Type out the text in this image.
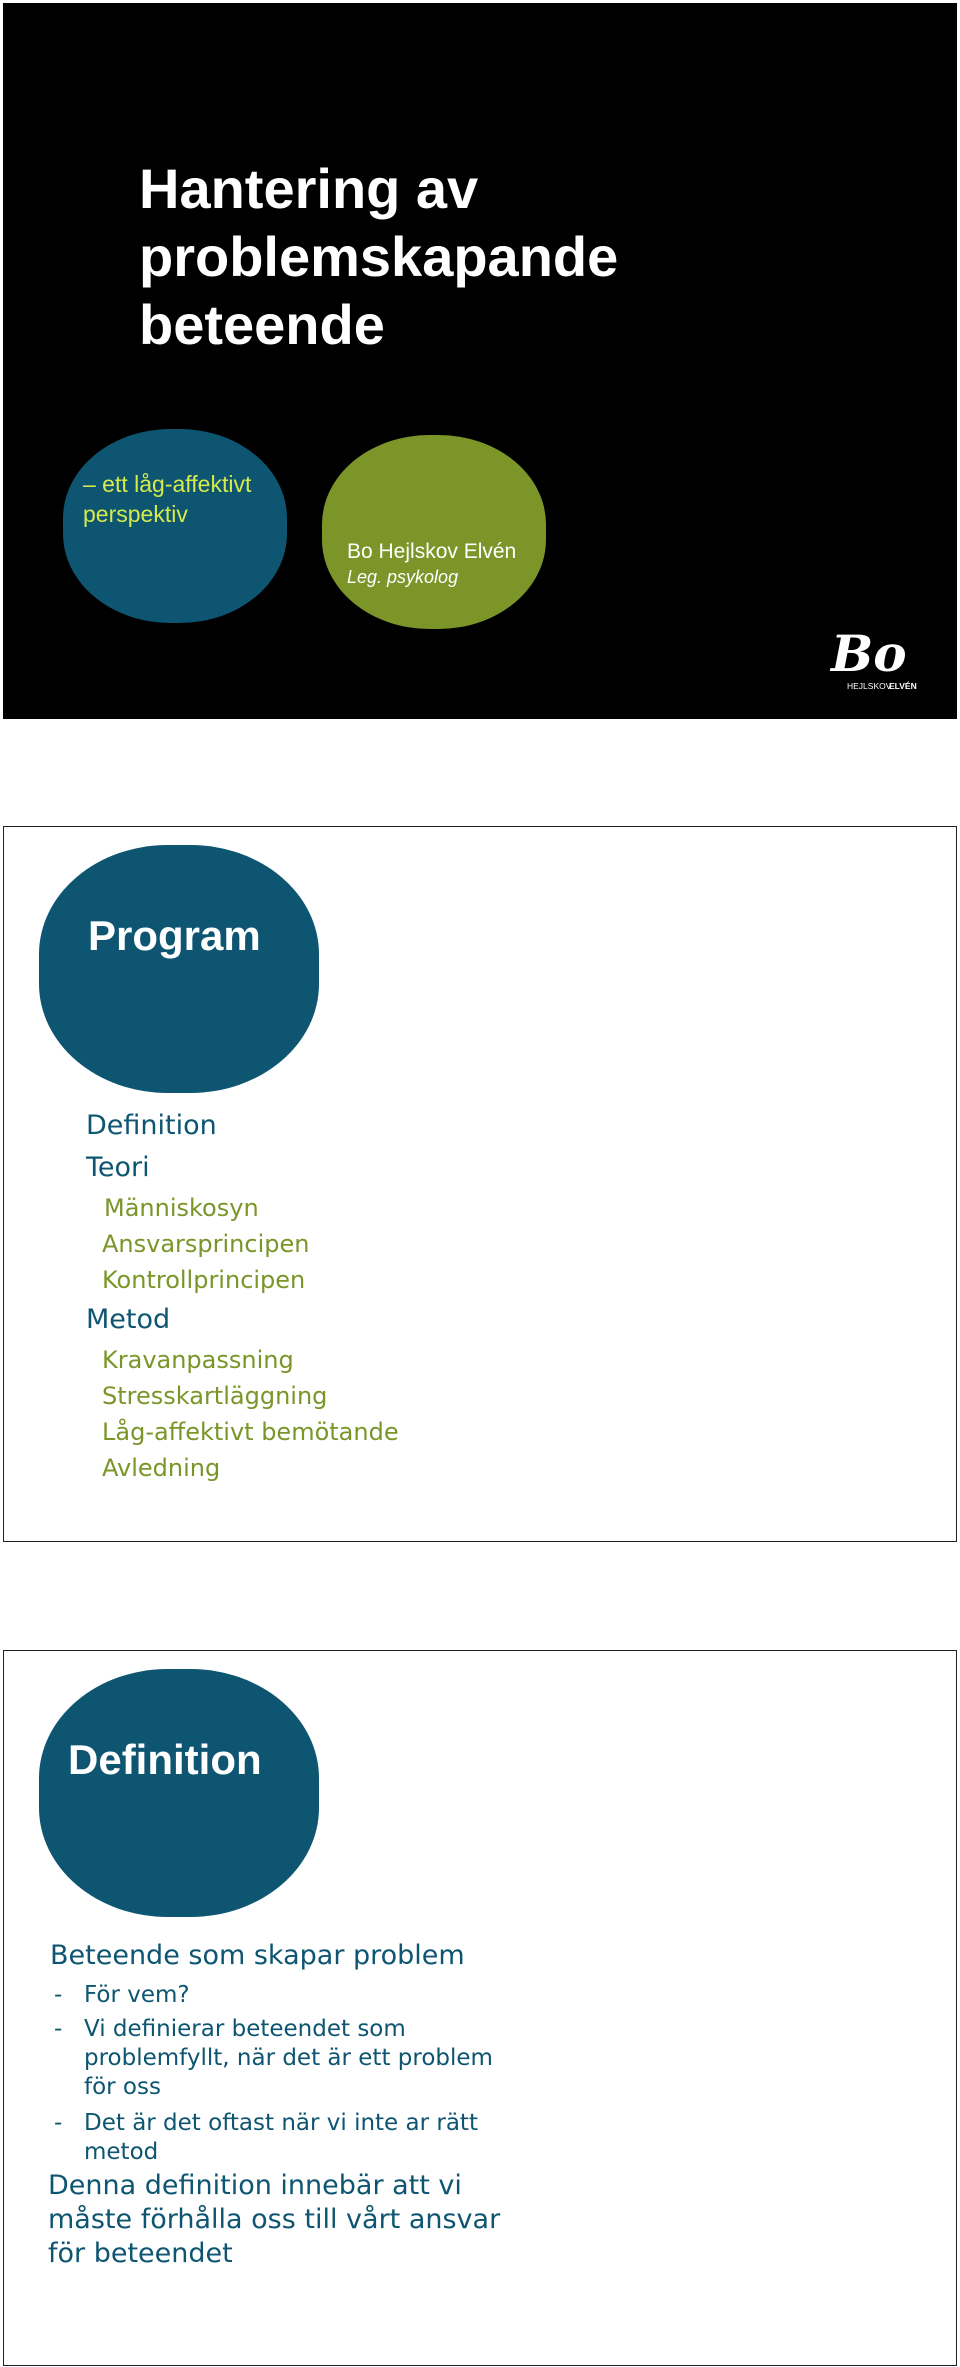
Hantering av
problemskapande
beteende
– ett låg-affektivt
perspektiv
Bo Hejlskov Elvén
Leg. psykolog
Bo
HEJLSKOV
ELVÉN
Program
Definition
Teori
Människosyn
Ansvarsprincipen
Kontrollprincipen
Metod
Kravanpassning
Stresskartläggning
Låg-affektivt bemötande
Avledning
Definition
Beteende som skapar problem
- För vem?
- Vi definierar beteendet som
problemfyllt, när det är ett problem
för oss
- Det är det oftast när vi inte ar rätt
metod
Denna definition innebär att vi
måste förhålla oss till vårt ansvar
för beteendet
